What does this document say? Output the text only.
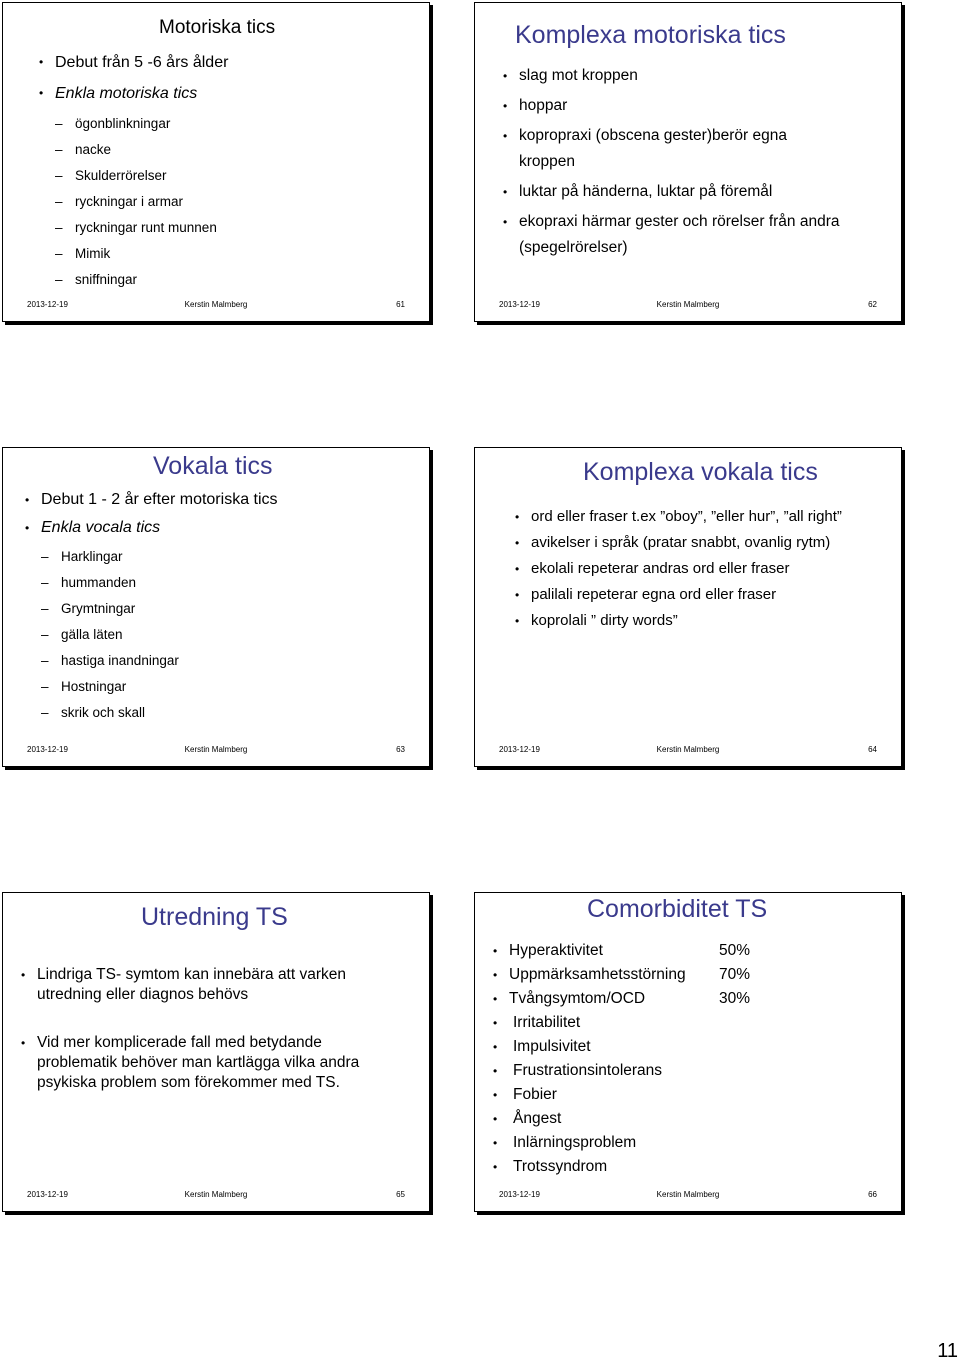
Motoriska tics
• Debut från 5 -6 års ålder
• Enkla motoriska tics
– ögonblinkningar
– nacke
– Skulderrörelser
– ryckningar i armar
– ryckningar runt munnen
– Mimik
– sniffningar
2013-12-19	Kerstin Malmberg	61
Komplexa motoriska tics
• slag mot kroppen
• hoppar
• kopropraxi (obscena gester)berör egna kroppen
• luktar på händerna, luktar på föremål
• ekopraxi härmar gester och rörelser från andra (spegelrörelser)
2013-12-19	Kerstin Malmberg	62
Vokala tics
• Debut 1 - 2 år efter motoriska tics
• Enkla vocala tics
– Harklingar
– hummanden
– Grymtningar
– gälla läten
– hastiga inandningar
– Hostningar
– skrik och skall
2013-12-19	Kerstin Malmberg	63
Komplexa vokala tics
• ord eller fraser t.ex ”oboy”, ”eller hur”, ”all right”
• avikelser i språk (pratar snabbt, ovanlig rytm)
• ekolali repeterar andras ord eller fraser
• palilali repeterar egna ord eller fraser
• koprolali ” dirty words”
2013-12-19	Kerstin Malmberg	64
Utredning TS
• Lindriga TS- symtom kan innebära att varken utredning eller diagnos behövs
• Vid mer komplicerade fall med betydande problematik behöver man kartlägga vilka andra psykiska problem som förekommer med TS.
2013-12-19	Kerstin Malmberg	65
Comorbiditet TS
• Hyperaktivitet	50%
• Uppmärksamhetsstörning	70%
• Tvångsymtom/OCD	30%
• Irritabilitet
• Impulsivitet
• Frustrationsintolerans
• Fobier
• Ångest
• Inlärningsproblem
• Trotssyndrom
2013-12-19	Kerstin Malmberg	66
11
